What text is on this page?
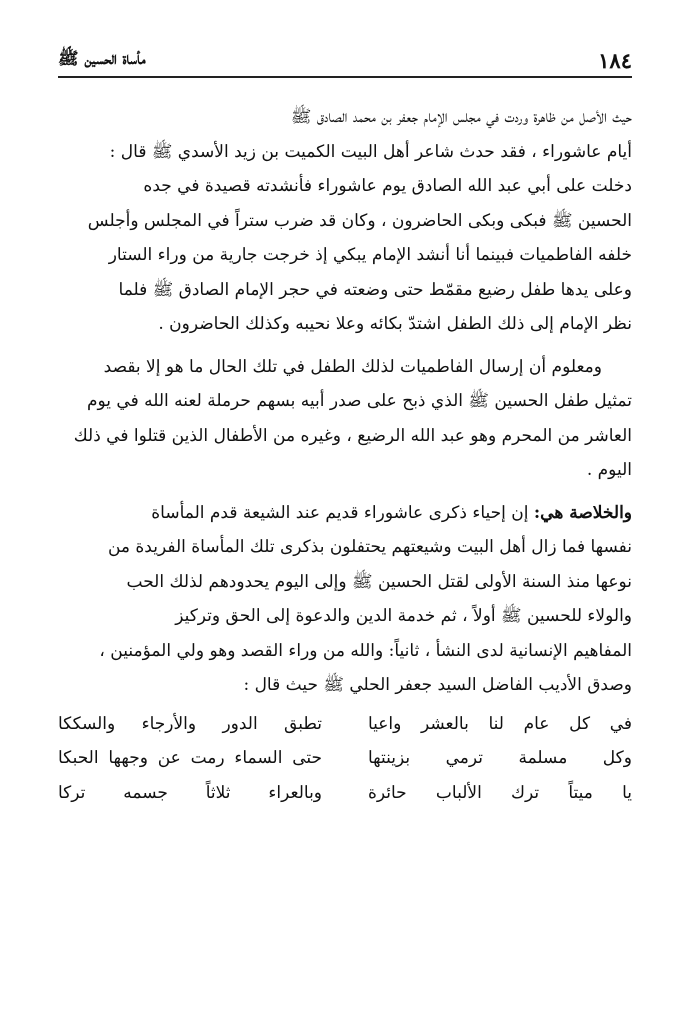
١٨٤
مأساة الحسين ﷺ
حيث الأصل من ظاهرة وردت في مجلس الإمام جعفر بن محمد الصادق ﷺ
أيام عاشوراء ، فقد حدث شاعر أهل البيت الكميت بن زيد الأسدي ﷺ قال :
دخلت على أبي عبد الله الصادق يوم عاشوراء فأنشدته قصيدة في جده
الحسين ﷺ فبكى وبكى الحاضرون ، وكان قد ضرب ستراً في المجلس وأجلس
خلفه الفاطميات فبينما أنا أنشد الإمام يبكي إذ خرجت جارية من وراء الستار
وعلى يدها طفل رضيع مقمّط حتى وضعته في حجر الإمام الصادق ﷺ فلما
نظر الإمام إلى ذلك الطفل اشتدّ بكائه وعلا نحيبه وكذلك الحاضرون .
ومعلوم أن إرسال الفاطميات لذلك الطفل في تلك الحال ما هو إلا بقصد
تمثيل طفل الحسين ﷺ الذي ذبح على صدر أبيه بسهم حرملة لعنه الله في يوم
العاشر من المحرم وهو عبد الله الرضيع ، وغيره من الأطفال الذين قتلوا في ذلك
اليوم .
والخلاصة هي: إن إحياء ذكرى عاشوراء قديم عند الشيعة قدم المأساة
نفسها فما زال أهل البيت وشيعتهم يحتفلون بذكرى تلك المأساة الفريدة من
نوعها منذ السنة الأولى لقتل الحسين ﷺ وإلى اليوم يحدودهم لذلك الحب
والولاء للحسين ﷺ أولاً ، ثم خدمة الدين والدعوة إلى الحق وتركيز
المفاهيم الإنسانية لدى النشأ ، ثانياً: والله من وراء القصد وهو ولي المؤمنين ،
وصدق الأديب الفاضل السيد جعفر الحلي ﷺ حيث قال :
في كل عام لنا بالعشر واعيا
تطبق الدور والأرجاء والسككا
وكل مسلمة ترمي بزينتها
حتى السماء رمت عن وجهها الحبكا
يا ميتاً ترك الألباب حائرة
وبالعراء ثلاثاً جسمه تركا
